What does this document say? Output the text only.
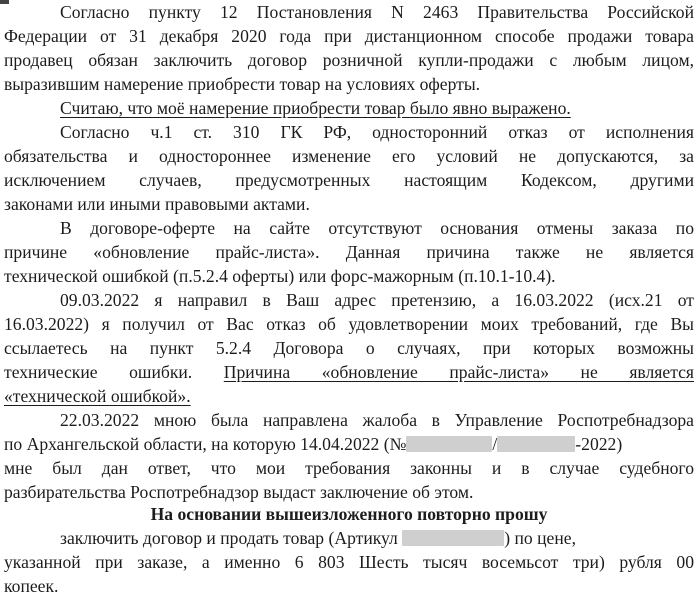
Согласно пункту 12 Постановления N 2463 Правительства Российской
Федерации от 31 декабря 2020 года при дистанционном способе продажи товара
продавец обязан заключить договор розничной купли-продажи с любым лицом,
выразившим намерение приобрести товар на условиях оферты.
Считаю, что моё намерение приобрести товар было явно выражено.
Согласно ч.1 ст. 310 ГК РФ, односторонний отказ от исполнения
обязательства и одностороннее изменение его условий не допускаются, за
исключением случаев, предусмотренных настоящим Кодексом, другими
законами или иными правовыми актами.
В договоре-оферте на сайте отсутствуют основания отмены заказа по
причине «обновление прайс-листа». Данная причина также не является
технической ошибкой (п.5.2.4 оферты) или форс-мажорным (п.10.1-10.4).
09.03.2022 я направил в Ваш адрес претензию, а 16.03.2022 (исх.21 от
16.03.2022) я получил от Вас отказ об удовлетворении моих требований, где Вы
ссылаетесь на пункт 5.2.4 Договора о случаях, при которых возможны
технические ошибки. Причина «обновление прайс-листа» не является
«технической ошибкой».
22.03.2022 мною была направлена жалоба в Управление Роспотребнадзора
по Архангельской области, на которую 14.04.2022 (№	/	-2022)
мне был дан ответ, что мои требования законны и в случае судебного
разбирательства Роспотребнадзор выдаст заключение об этом.
На основании вышеизложенного повторно прошу
заключить договор и продать товар (Артикул	) по цене,
указанной при заказе, а именно 6 803 Шесть тысяч восемьсот три) рубля 00
копеек.
